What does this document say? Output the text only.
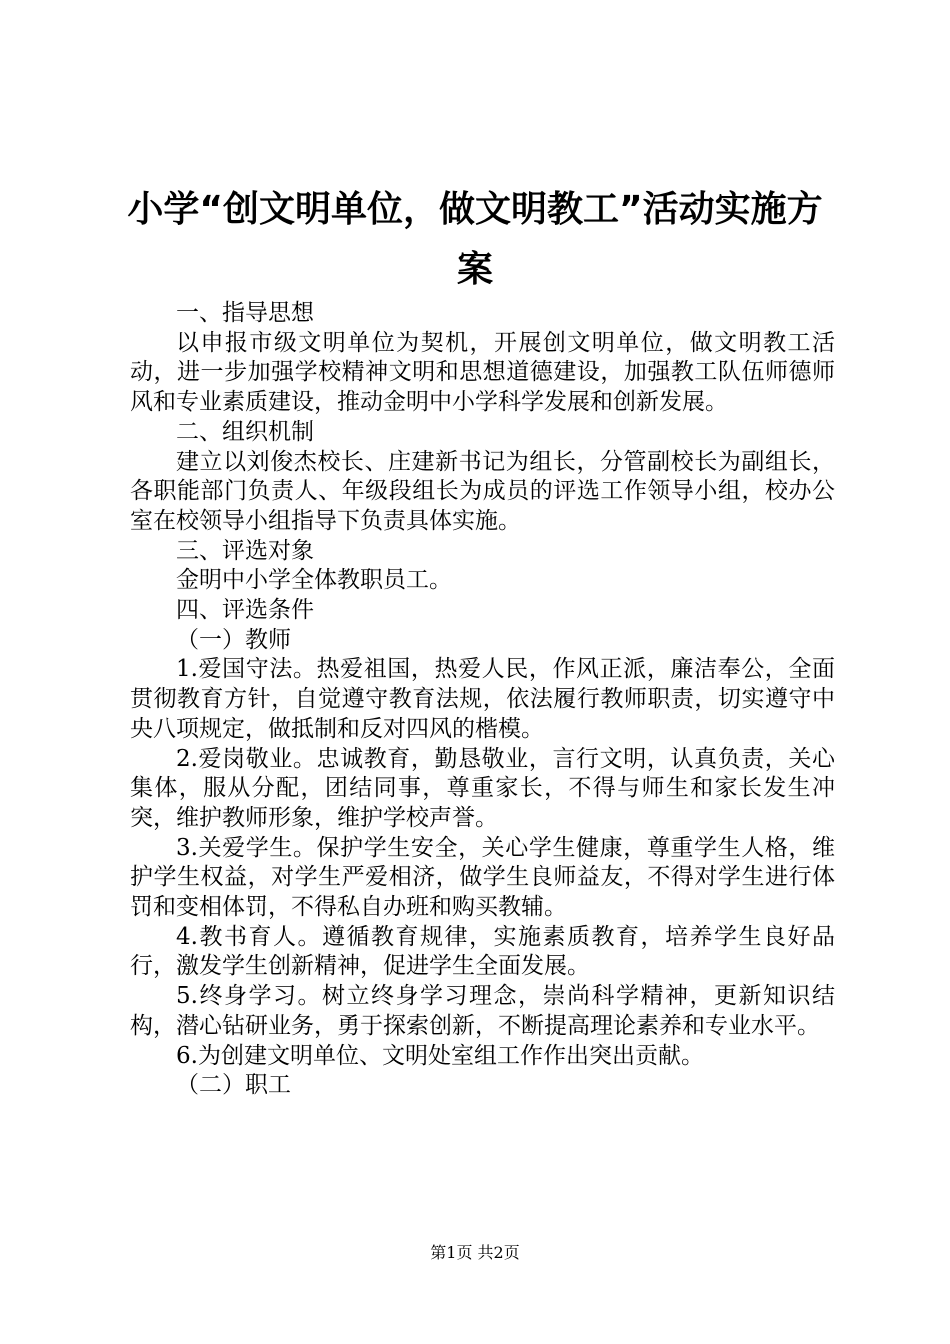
小学“创文明单位，做文明教工”活动实施方
案

一、指导思想

以申报市级文明单位为契机，开展创文明单位，做文明教工活动，进一步加强学校精神文明和思想道德建设，加强教工队伍师德师风和专业素质建设，推动金明中小学科学发展和创新发展。

二、组织机制

建立以刘俊杰校长、庄建新书记为组长，分管副校长为副组长，各职能部门负责人、年级段组长为成员的评选工作领导小组，校办公室在校领导小组指导下负责具体实施。

三、评选对象

金明中小学全体教职员工。

四、评选条件

（一）教师

1.爱国守法。热爱祖国，热爱人民，作风正派，廉洁奉公，全面贯彻教育方针，自觉遵守教育法规，依法履行教师职责，切实遵守中央八项规定，做抵制和反对四风的楷模。

2.爱岗敬业。忠诚教育，勤恳敬业，言行文明，认真负责，关心集体，服从分配，团结同事，尊重家长，不得与师生和家长发生冲突，维护教师形象，维护学校声誉。

3.关爱学生。保护学生安全，关心学生健康，尊重学生人格，维护学生权益，对学生严爱相济，做学生良师益友，不得对学生进行体罚和变相体罚，不得私自办班和购买教辅。

4.教书育人。遵循教育规律，实施素质教育，培养学生良好品行，激发学生创新精神，促进学生全面发展。

5.终身学习。树立终身学习理念，崇尚科学精神，更新知识结构，潜心钻研业务，勇于探索创新，不断提高理论素养和专业水平。

6.为创建文明单位、文明处室组工作作出突出贡献。

（二）职工

第1页 共2页
